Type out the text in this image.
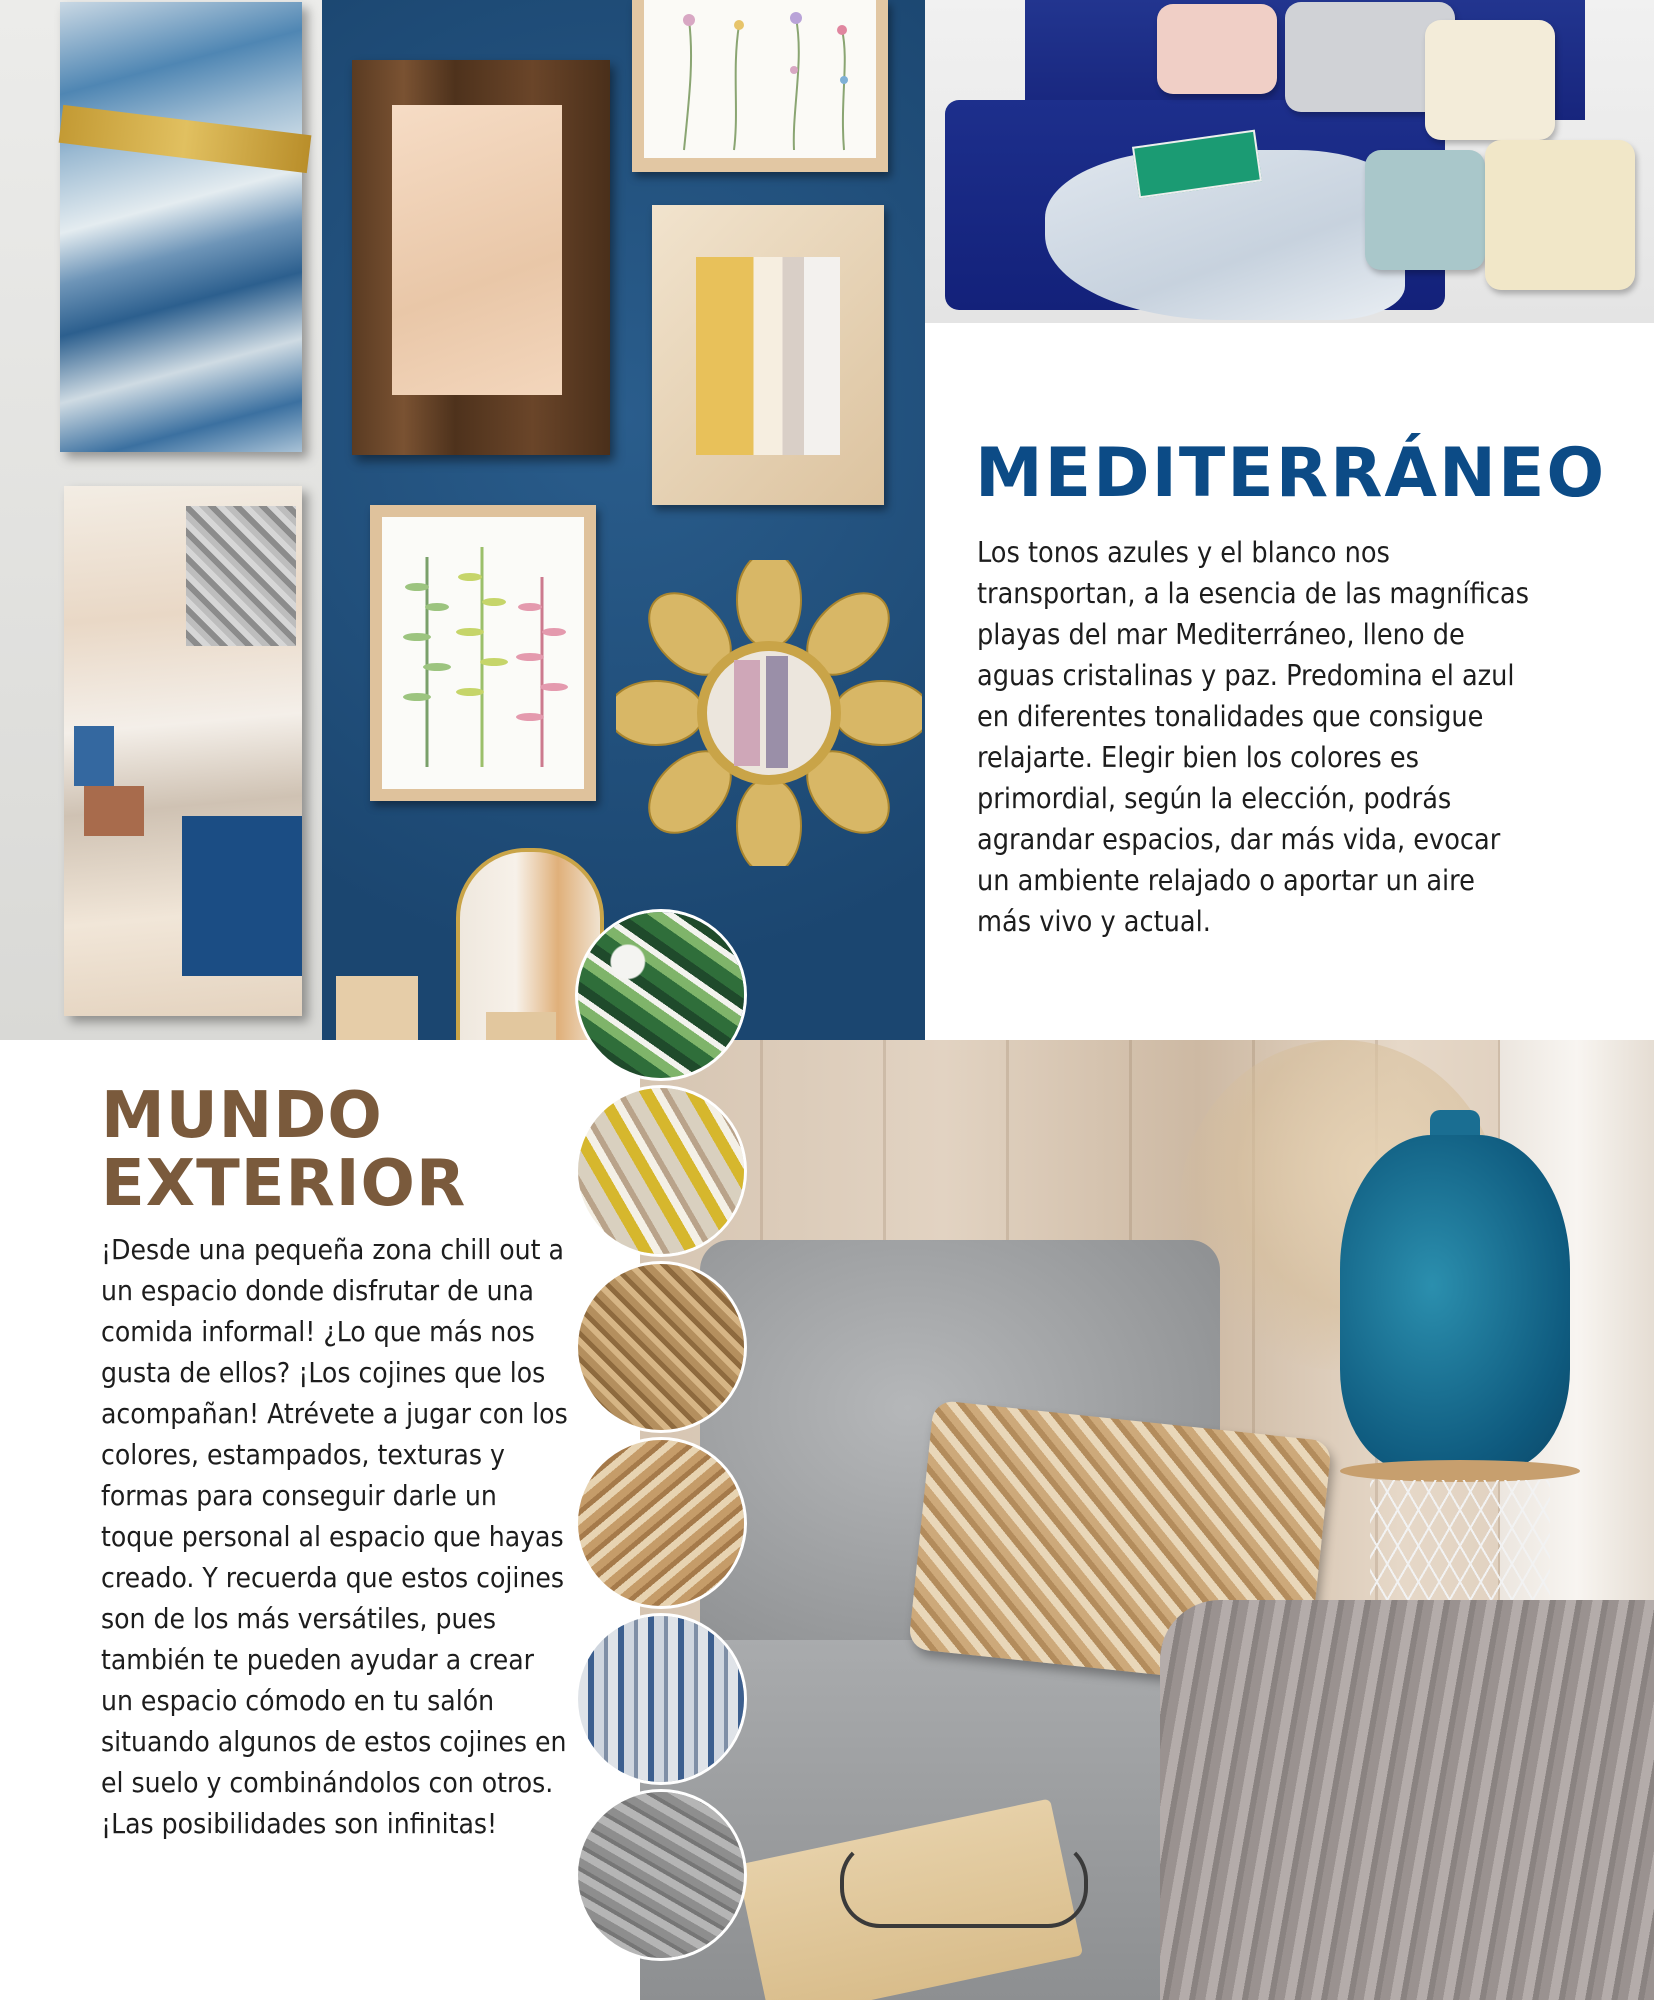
MEDITERRÁNEO

Los tonos azules y el blanco nos transportan, a la esencia de las magníficas playas del mar Mediterráneo, lleno de aguas cristalinas y paz. Predomina el azul en diferentes tonalidades que consigue relajarte. Elegir bien los colores es primordial, según la elección, podrás agrandar espacios, dar más vida, evocar un ambiente relajado o aportar un aire más vivo y actual.

MUNDO
EXTERIOR

¡Desde una pequeña zona chill out a un espacio donde disfrutar de una comida informal! ¿Lo que más nos gusta de ellos? ¡Los cojines que los acompañan! Atrévete a jugar con los colores, estampados, texturas y formas para conseguir darle un toque personal al espacio que hayas creado. Y recuerda que estos cojines son de los más versátiles, pues también te pueden ayudar a crear un espacio cómodo en tu salón situando algunos de estos cojines en el suelo y combinándolos con otros. ¡Las posibilidades son infinitas!
